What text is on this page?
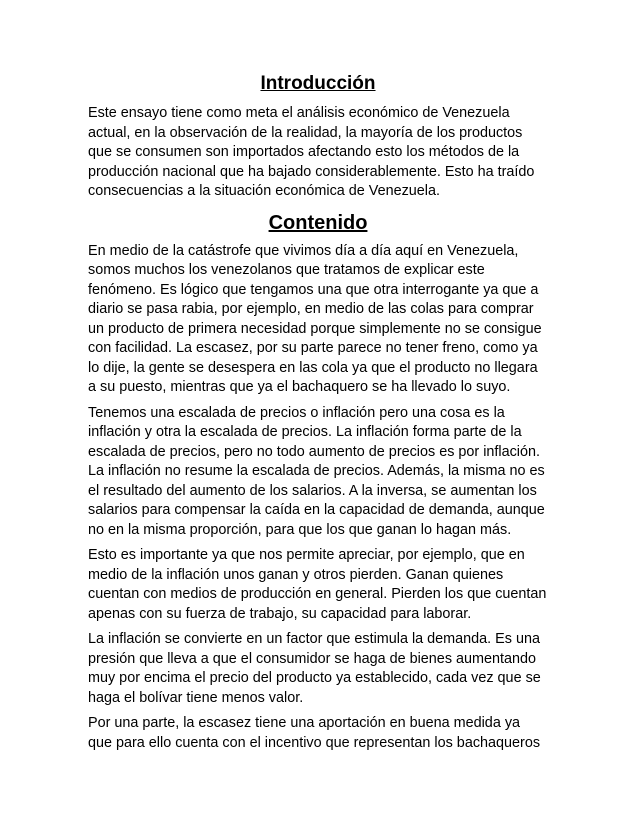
Introducción

Este ensayo tiene como meta el análisis económico de Venezuela actual, en la observación de la realidad, la mayoría de los productos que se consumen son importados afectando esto los métodos de la producción nacional que ha bajado considerablemente. Esto ha traído consecuencias a la situación económica de Venezuela.

Contenido

En medio de la catástrofe que vivimos día a día aquí en Venezuela, somos muchos los venezolanos que tratamos de explicar este fenómeno. Es lógico que tengamos una que otra interrogante ya que a diario se pasa rabia, por ejemplo, en medio de las colas para comprar un producto de primera necesidad porque simplemente no se consigue con facilidad. La escasez, por su parte parece no tener freno, como ya lo dije, la gente se desespera en las cola ya que el producto no llegara a su puesto, mientras que ya el bachaquero se ha llevado lo suyo.

Tenemos una escalada de precios o inflación pero una cosa es la inflación y otra la escalada de precios. La inflación forma parte de la escalada de precios, pero no todo aumento de precios es por inflación. La inflación no resume la escalada de precios. Además, la misma no es el resultado del aumento de los salarios. A la inversa, se aumentan los salarios para compensar la caída en la capacidad de demanda, aunque no en la misma proporción, para que los que ganan lo hagan más.

Esto es importante ya que nos permite apreciar, por ejemplo, que en medio de la inflación unos ganan y otros pierden. Ganan quienes cuentan con medios de producción en general. Pierden los que cuentan apenas con su fuerza de trabajo, su capacidad para laborar.

La inflación se convierte en un factor que estimula la demanda. Es una presión que lleva a que el consumidor se haga de bienes aumentando muy por encima el precio del producto ya establecido, cada vez que se haga el bolívar tiene menos valor.

Por una parte, la escasez tiene una aportación en buena medida ya que para ello cuenta con el incentivo que representan los bachaqueros
